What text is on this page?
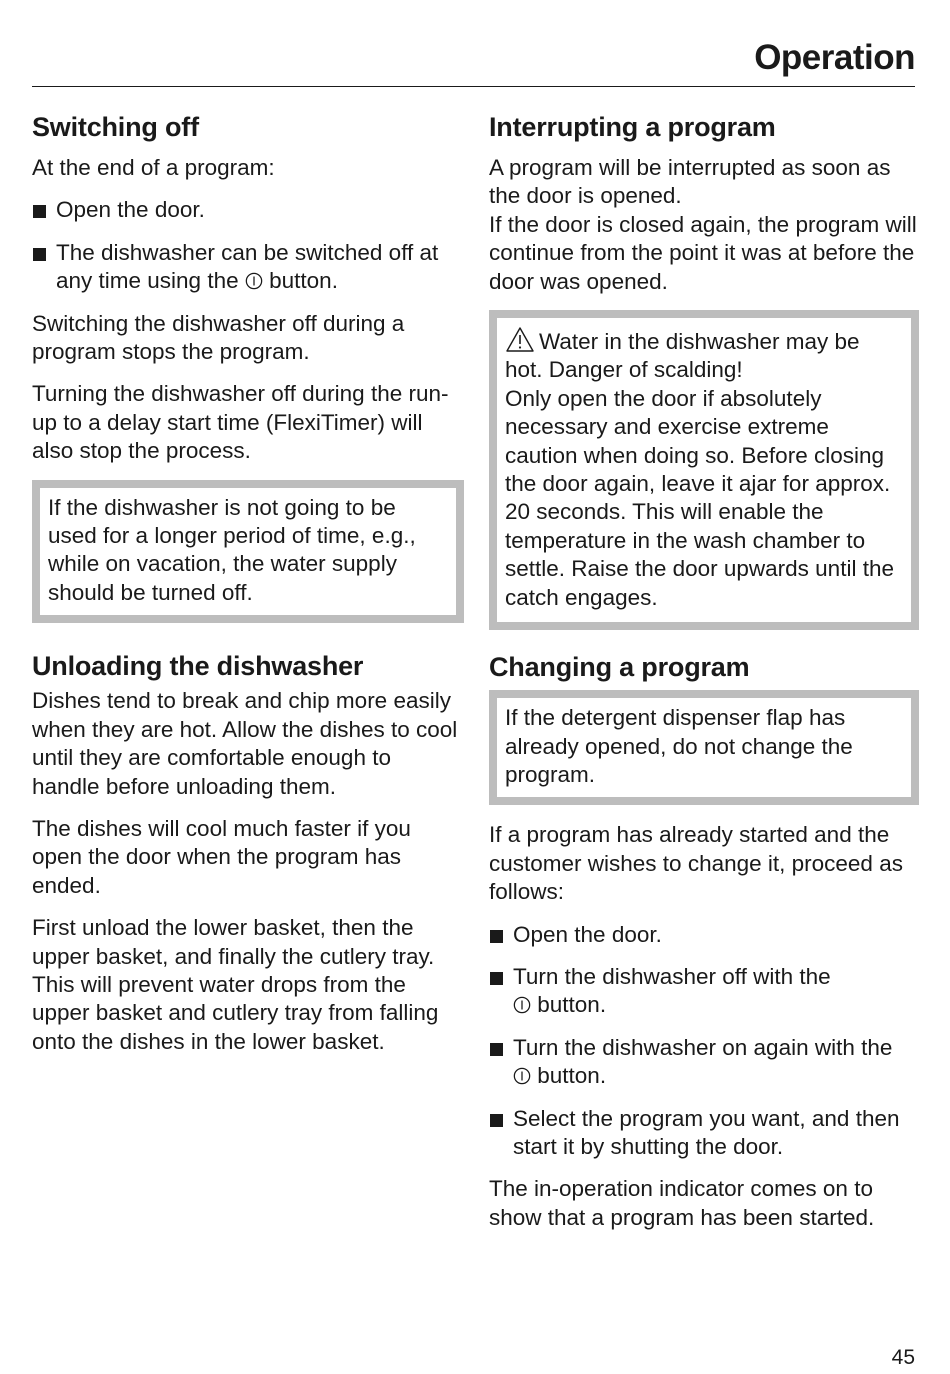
Operation
Switching off

At the end of a program:

Open the door.
The dishwasher can be switched off at any time using the button.

Switching the dishwasher off during a program stops the program.

Turning the dishwasher off during the run-up to a delay start time (FlexiTimer) will also stop the process.

If the dishwasher is not going to be used for a longer period of time, e.g., while on vacation, the water supply should be turned off.
Unloading the dishwasher

Dishes tend to break and chip more easily when they are hot. Allow the dishes to cool until they are comfortable enough to handle before unloading them.

The dishes will cool much faster if you open the door when the program has ended.

First unload the lower basket, then the upper basket, and finally the cutlery tray.

This will prevent water drops from the upper basket and cutlery tray from falling onto the dishes in the lower basket.

Interrupting a program

A program will be interrupted as soon as the door is opened.

If the door is closed again, the program will continue from the point it was at before the door was opened.

Water in the dishwasher may be hot. Danger of scalding!
Only open the door if absolutely necessary and exercise extreme caution when doing so. Before closing the door again, leave it ajar for approx. 20 seconds. This will enable the temperature in the wash chamber to settle. Raise the door upwards until the catch engages.
Changing a program
If the detergent dispenser flap has already opened, do not change the program.

If a program has already started and the customer wishes to change it, proceed as follows:

Open the door.
Turn the dishwasher off with the
button.
Turn the dishwasher on again with the
button.
Select the program you want, and then start it by shutting the door.

The in-operation indicator comes on to show that a program has been started.

45
